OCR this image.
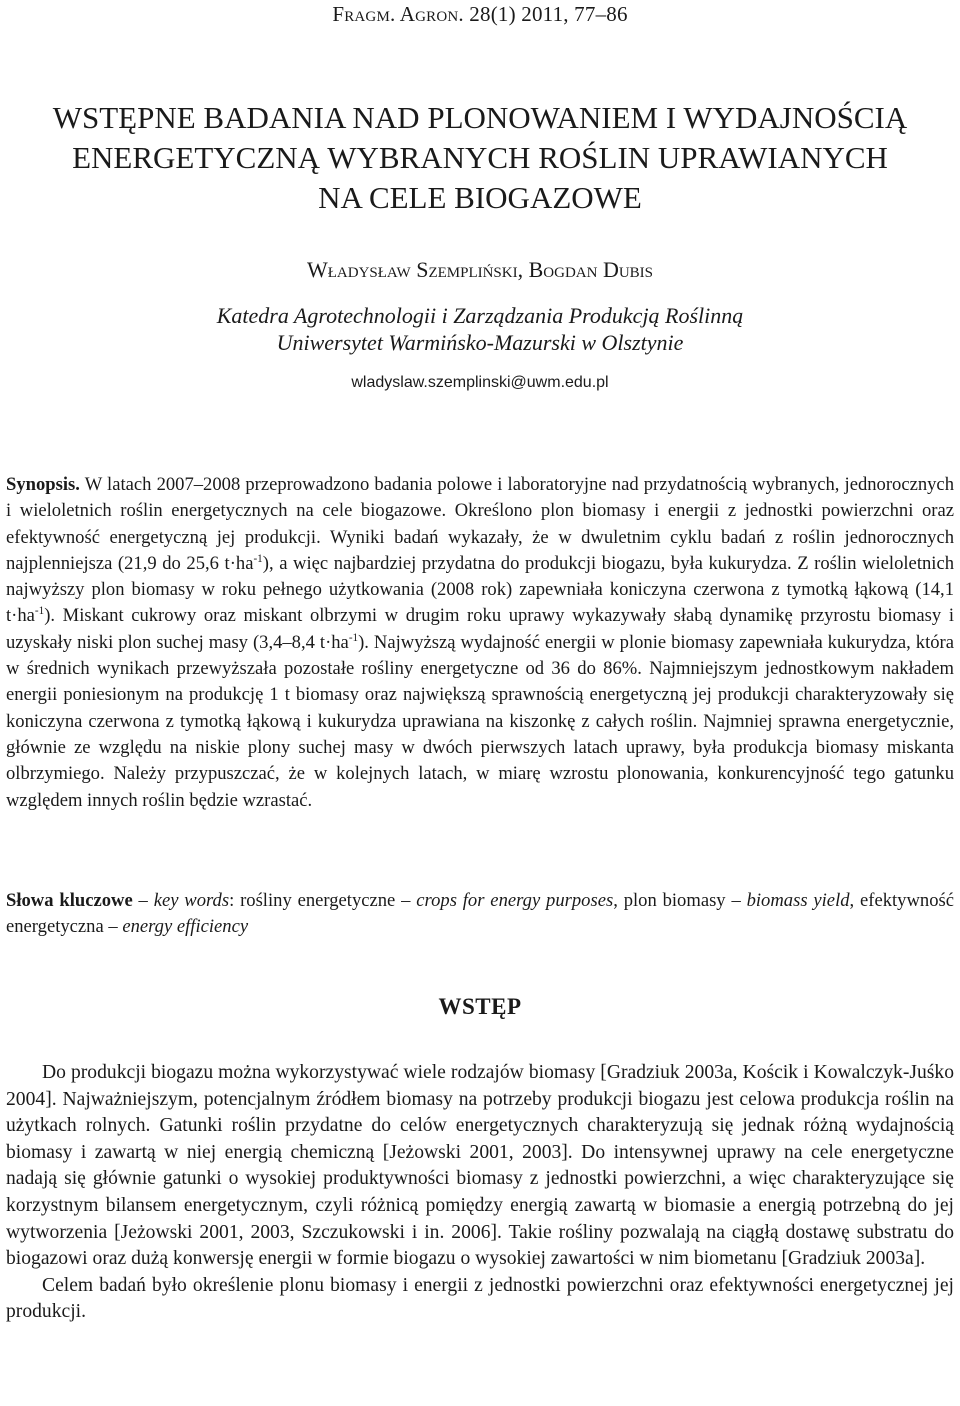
Fragm. Agron. 28(1) 2011, 77–86
WSTĘPNE BADANIA NAD PLONOWANIEM I WYDAJNOŚCIĄ
ENERGETYCZNĄ WYBRANYCH ROŚLIN UPRAWIANYCH
NA CELE BIOGAZOWE
Władysław Szempliński, Bogdan Dubis
Katedra Agrotechnologii i Zarządzania Produkcją Roślinną
Uniwersytet Warmińsko-Mazurski w Olsztynie
wladyslaw.szemplinski@uwm.edu.pl

Synopsis. W latach 2007–2008 przeprowadzono badania polowe i laboratoryjne nad przydatnością wybranych, jednorocznych i wieloletnich roślin energetycznych na cele biogazowe. Określono plon biomasy i energii z jednostki powierzchni oraz efektywność energetyczną jej produkcji. Wyniki badań wykazały, że w dwuletnim cyklu badań z roślin jednorocznych najplenniejsza (21,9 do 25,6 $t\cdot ha^{-1}$), a więc najbardziej przydatna do produkcji biogazu, była kukurydza. Z roślin wieloletnich najwyższy plon biomasy w roku pełnego użytkowania (2008 rok) zapewniała koniczyna czerwona z tymotką łąkową (14,1 $t\cdot ha^{-1}$). Miskant cukrowy oraz miskant olbrzymi w drugim roku uprawy wykazywały słabą dynamikę przyrostu biomasy i uzyskały niski plon suchej masy (3,4–8,4 $t\cdot ha^{-1}$). Najwyższą wydajność energii w plonie biomasy zapewniała kukurydza, która w średnich wynikach przewyższała pozostałe rośliny energetyczne od 36 do 86%. Najmniejszym jednostkowym nakładem energii poniesionym na produkcję 1 t biomasy oraz największą sprawnością energetyczną jej produkcji charakteryzowały się koniczyna czerwona z tymotką łąkową i kukurydza uprawiana na kiszonkę z całych roślin. Najmniej sprawna energetycznie, głównie ze względu na niskie plony suchej masy w dwóch pierwszych latach uprawy, była produkcja biomasy miskanta olbrzymiego. Należy przypuszczać, że w kolejnych latach, w miarę wzrostu plonowania, konkurencyjność tego gatunku względem innych roślin będzie wzrastać.

Słowa kluczowe – key words: rośliny energetyczne – crops for energy purposes, plon biomasy – biomass yield, efektywność energetyczna – energy efficiency

WSTĘP

Do produkcji biogazu można wykorzystywać wiele rodzajów biomasy [Gradziuk 2003a, Kościk i Kowalczyk-Juśko 2004]. Najważniejszym, potencjalnym źródłem biomasy na potrzeby produkcji biogazu jest celowa produkcja roślin na użytkach rolnych. Gatunki roślin przydatne do celów energetycznych charakteryzują się jednak różną wydajnością biomasy i zawartą w niej energią chemiczną [Jeżowski 2001, 2003]. Do intensywnej uprawy na cele energetyczne nadają się głównie gatunki o wysokiej produktywności biomasy z jednostki powierzchni, a więc charakteryzujące się korzystnym bilansem energetycznym, czyli różnicą pomiędzy energią zawartą w biomasie a energią potrzebną do jej wytworzenia [Jeżowski 2001, 2003, Szczukowski i in. 2006]. Takie rośliny pozwalają na ciągłą dostawę substratu do biogazowi oraz dużą konwersję energii w formie biogazu o wysokiej zawartości w nim biometanu [Gradziuk 2003a].

Celem badań było określenie plonu biomasy i energii z jednostki powierzchni oraz efektywności energetycznej jej produkcji.
